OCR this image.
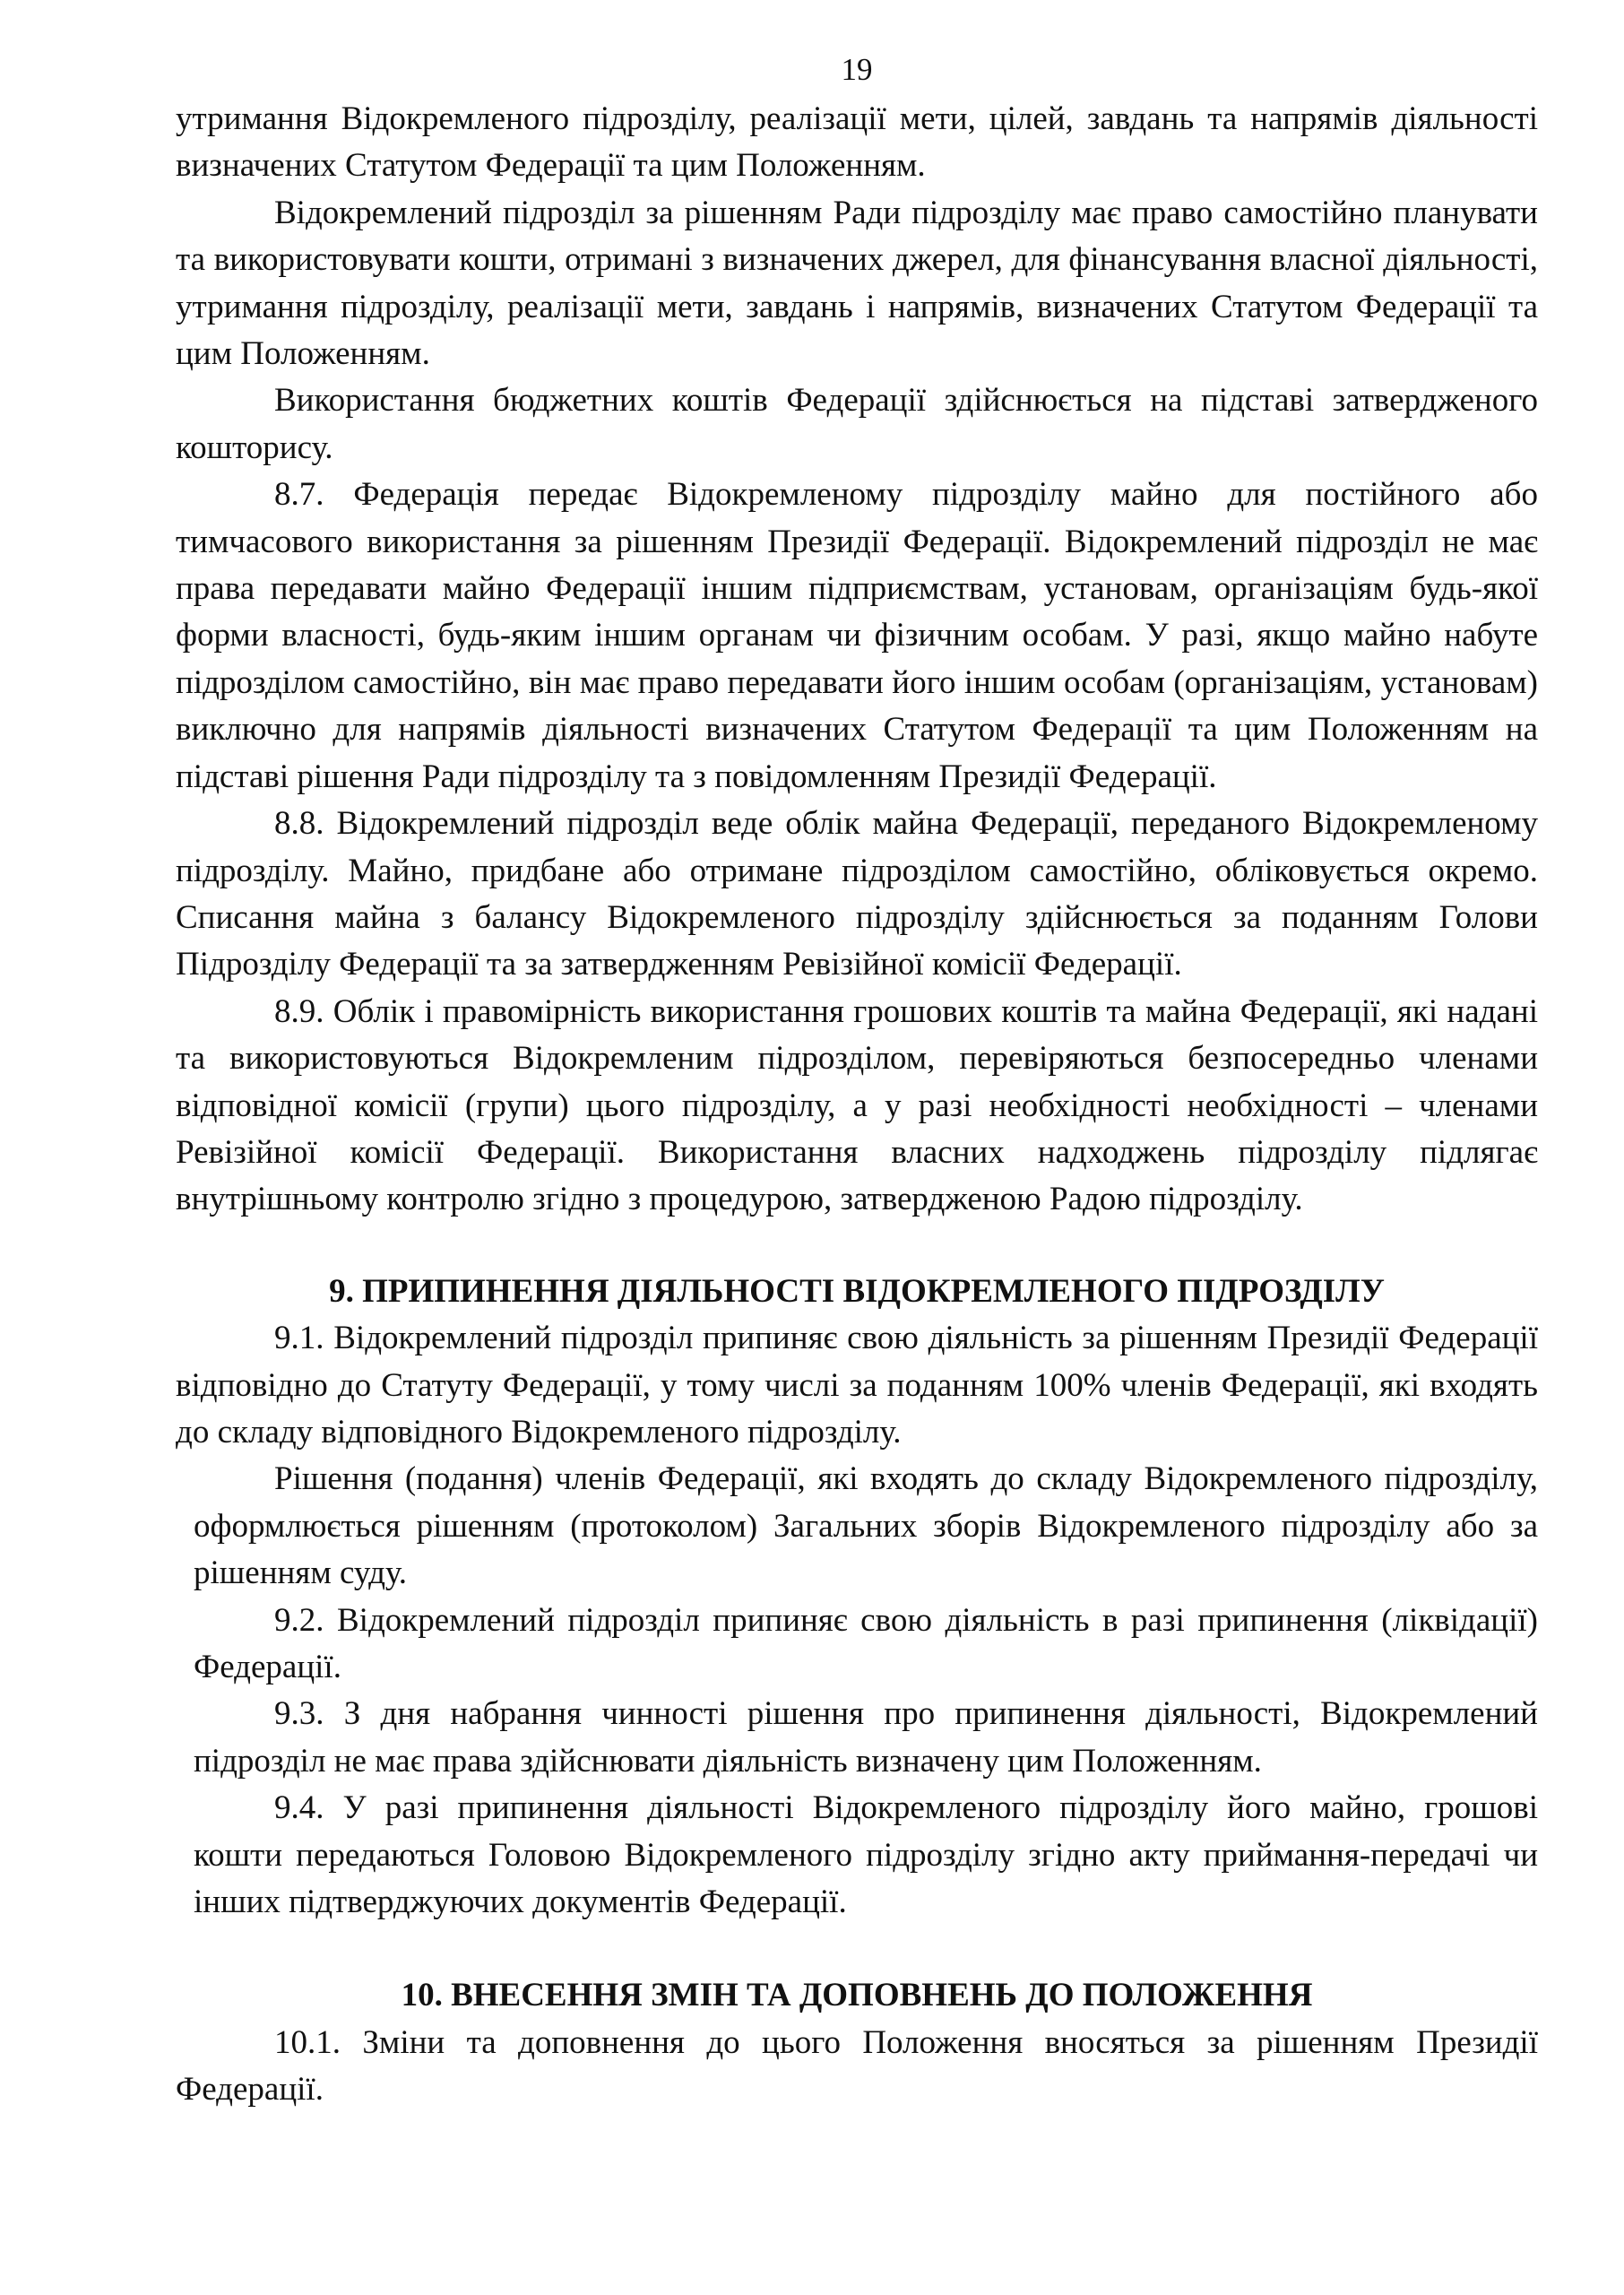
19

утримання Відокремленого підрозділу, реалізації мети, цілей, завдань та напрямів діяльності визначених Статутом Федерації та цим Положенням.

Відокремлений підрозділ за рішенням Ради підрозділу має право самостійно планувати та використовувати кошти, отримані з визначених джерел, для фінансування власної діяльності, утримання підрозділу, реалізації мети, завдань і напрямів, визначених Статутом Федерації та цим Положенням.

Використання бюджетних коштів Федерації здійснюється на підставі затвердженого кошторису.

8.7. Федерація передає Відокремленому підрозділу майно для постійного або тимчасового використання за рішенням Президії Федерації. Відокремлений підрозділ не має права передавати майно Федерації іншим підприємствам, установам, організаціям будь-якої форми власності, будь-яким іншим органам чи фізичним особам. У разі, якщо майно набуте підрозділом самостійно, він має право передавати його іншим особам (організаціям, установам) виключно для напрямів діяльності визначених Статутом Федерації та цим Положенням на підставі рішення Ради підрозділу та з повідомленням Президії Федерації.

8.8. Відокремлений підрозділ веде облік майна Федерації, переданого Відокремленому підрозділу. Майно, придбане або отримане підрозділом самостійно, обліковується окремо. Списання майна з балансу Відокремленого підрозділу здійснюється за поданням Голови Підрозділу Федерації та за затвердженням Ревізійної комісії Федерації.

8.9. Облік і правомірність використання грошових коштів та майна Федерації, які надані та використовуються Відокремленим підрозділом, перевіряються безпосередньо членами відповідної комісії (групи) цього підрозділу, а у разі необхідності необхідності – членами Ревізійної комісії Федерації. Використання власних надходжень підрозділу підлягає внутрішньому контролю згідно з процедурою, затвердженою Радою підрозділу.

9. ПРИПИНЕННЯ ДІЯЛЬНОСТІ ВІДОКРЕМЛЕНОГО ПІДРОЗДІЛУ

9.1. Відокремлений підрозділ припиняє свою діяльність за рішенням Президії Федерації відповідно до Статуту Федерації, у тому числі за поданням 100% членів Федерації, які входять до складу відповідного Відокремленого підрозділу.

Рішення (подання) членів Федерації, які входять до складу Відокремленого підрозділу, оформлюється рішенням (протоколом) Загальних зборів Відокремленого підрозділу або за рішенням суду.

9.2. Відокремлений підрозділ припиняє свою діяльність в разі припинення (ліквідації) Федерації.

9.3. З дня набрання чинності рішення про припинення діяльності, Відокремлений підрозділ не має права здійснювати діяльність визначену цим Положенням.

9.4. У разі припинення діяльності Відокремленого підрозділу його майно, грошові кошти передаються Головою Відокремленого підрозділу згідно акту приймання-передачі чи інших підтверджуючих документів Федерації.

10. ВНЕСЕННЯ ЗМІН ТА ДОПОВНЕНЬ ДО ПОЛОЖЕННЯ

10.1. Зміни та доповнення до цього Положення вносяться за рішенням Президії Федерації.
